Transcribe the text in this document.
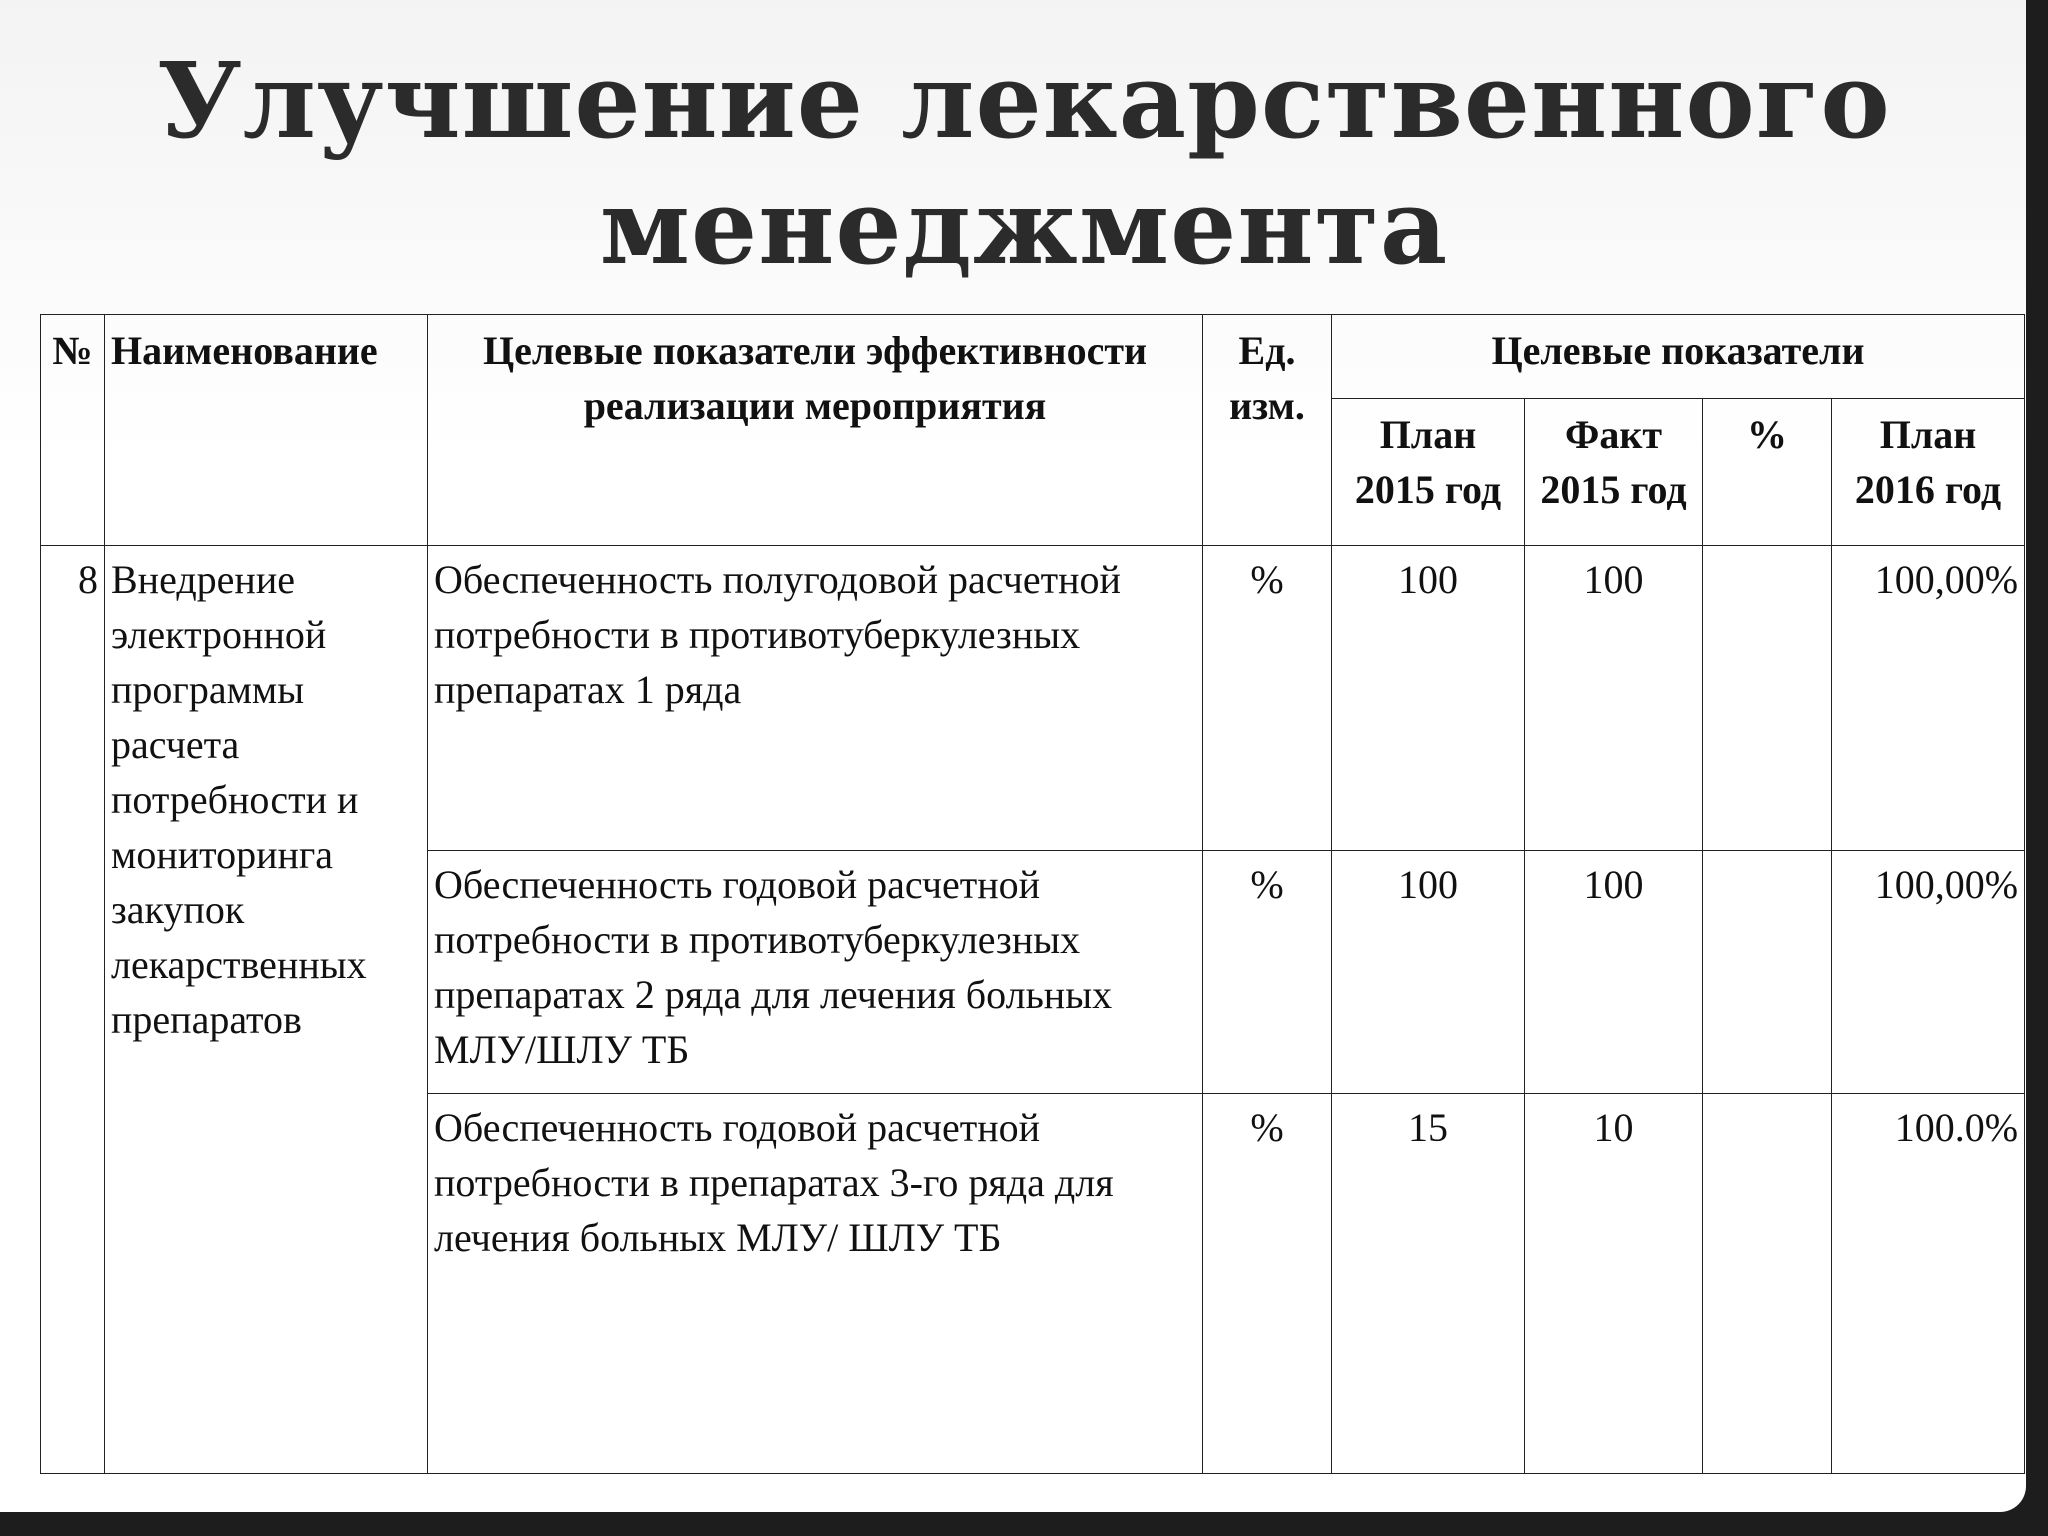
Улучшение лекарственного
менеджмента
№	Наименование	Целевые показатели эффективности реализации мероприятия	Ед. изм.	Целевые показатели			
				План 2015 год	Факт 2015 год	%	План 2016 год
8	Внедрение электронной программы расчета потребности и мониторинга закупок лекарственных препаратов	Обеспеченность полугодовой расчетной потребности в противотуберкулезных препаратах 1 ряда	%	100	100		100,00%
		Обеспеченность годовой расчетной потребности в противотуберкулезных препаратах 2 ряда для лечения больных МЛУ/ШЛУ ТБ	%	100	100		100,00%
		Обеспеченность годовой расчетной потребности в препаратах 3-го ряда для лечения больных МЛУ/ ШЛУ ТБ	%	15	10		100.0%
